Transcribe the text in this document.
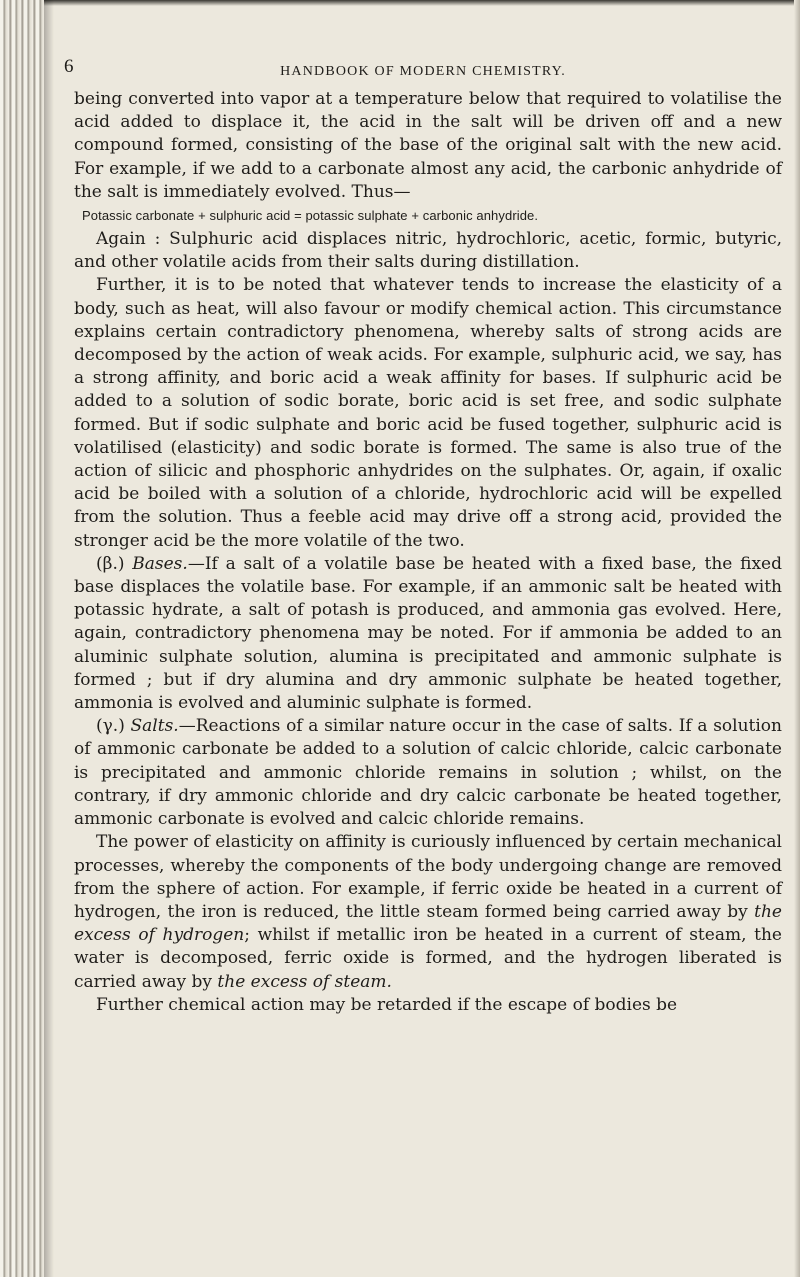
6	HANDBOOK OF MODERN CHEMISTRY.

being converted into vapor at a temperature below that required to volatilise the acid added to displace it, the acid in the salt will be driven off and a new compound formed, consisting of the base of the original salt with the new acid. For example, if we add to a carbonate almost any acid, the carbonic anhydride of the salt is immediately evolved. Thus—

Potassic carbonate + sulphuric acid = potassic sulphate + carbonic anhydride.

Again : Sulphuric acid displaces nitric, hydrochloric, acetic, formic, butyric, and other volatile acids from their salts during distillation.

Further, it is to be noted that whatever tends to increase the elasticity of a body, such as heat, will also favour or modify chemical action. This circumstance explains certain contradictory phenomena, whereby salts of strong acids are decomposed by the action of weak acids. For example, sulphuric acid, we say, has a strong affinity, and boric acid a weak affinity for bases. If sulphuric acid be added to a solution of sodic borate, boric acid is set free, and sodic sulphate formed. But if sodic sulphate and boric acid be fused together, sulphuric acid is volatilised (elasticity) and sodic borate is formed. The same is also true of the action of silicic and phosphoric anhydrides on the sulphates. Or, again, if oxalic acid be boiled with a solution of a chloride, hydrochloric acid will be expelled from the solution. Thus a feeble acid may drive off a strong acid, provided the stronger acid be the more volatile of the two.

(β.) Bases.—If a salt of a volatile base be heated with a fixed base, the fixed base displaces the volatile base. For example, if an ammonic salt be heated with potassic hydrate, a salt of potash is produced, and ammonia gas evolved. Here, again, contradictory phenomena may be noted. For if ammonia be added to an aluminic sulphate solution, alumina is precipitated and ammonic sulphate is formed ; but if dry alumina and dry ammonic sulphate be heated together, ammonia is evolved and aluminic sulphate is formed.

(γ.) Salts.—Reactions of a similar nature occur in the case of salts. If a solution of ammonic carbonate be added to a solution of calcic chloride, calcic carbonate is precipitated and ammonic chloride remains in solution ; whilst, on the contrary, if dry ammonic chloride and dry calcic carbonate be heated together, ammonic carbonate is evolved and calcic chloride remains.

The power of elasticity on affinity is curiously influenced by certain mechanical processes, whereby the components of the body undergoing change are removed from the sphere of action. For example, if ferric oxide be heated in a current of hydrogen, the iron is reduced, the little steam formed being carried away by the excess of hydrogen; whilst if metallic iron be heated in a current of steam, the water is decomposed, ferric oxide is formed, and the hydrogen liberated is carried away by the excess of steam.

Further chemical action may be retarded if the escape of bodies be
